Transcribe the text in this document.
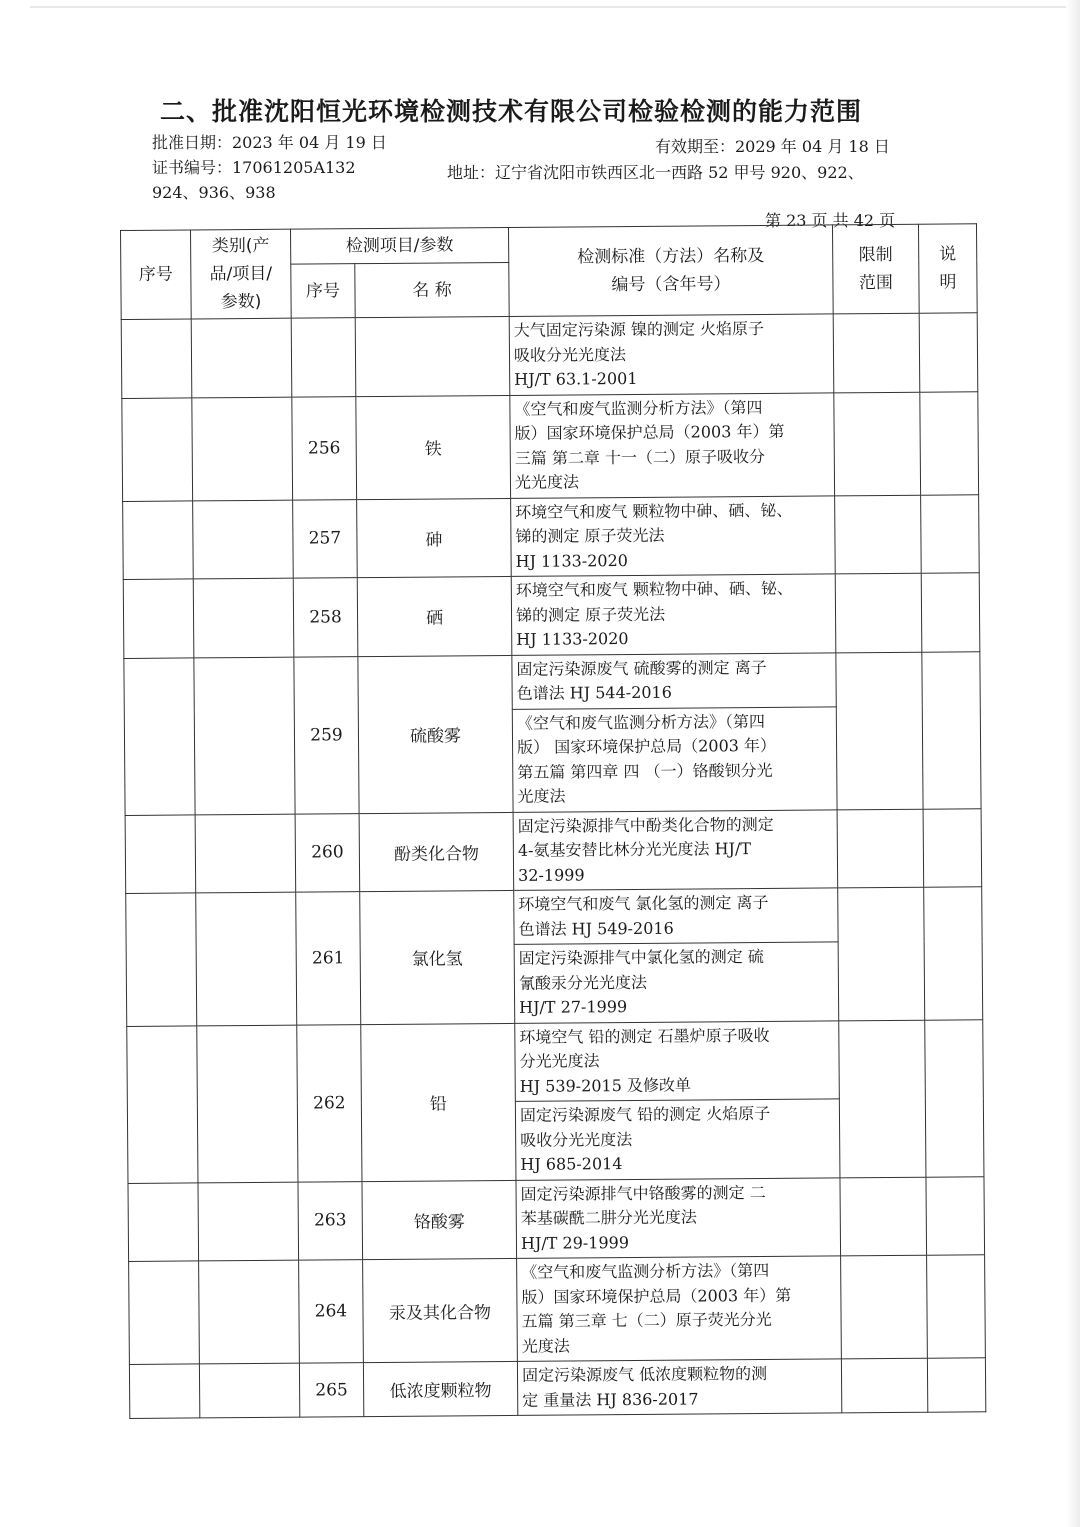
二、批准沈阳恒光环境检测技术有限公司检验检测的能力范围
批准日期：2023 年 04 月 19 日	有效期至：2029 年 04 月 18 日
证书编号：17061205A132	地址：辽宁省沈阳市铁西区北一西路 52 甲号 920、922、
924、936、938
第 23 页 共 42 页
序号	类别(产
品/项目/
参数)	检测项目/参数		检测标准（方法）名称及
编号（含年号）	限制
范围	说
明

		序号	名 称			

				大气固定污染源 镍的测定 火焰原子
吸收分光光度法
HJ/T 63.1-2001		

		256	铁	《空气和废气监测分析方法》（第四
版）国家环境保护总局（2003 年）第
三篇 第二章 十一（二）原子吸收分
光光度法		

		257	砷	环境空气和废气 颗粒物中砷、硒、铋、
锑的测定 原子荧光法
HJ 1133-2020		

		258	硒	环境空气和废气 颗粒物中砷、硒、铋、
锑的测定 原子荧光法
HJ 1133-2020		

		259	硫酸雾	固定污染源废气 硫酸雾的测定 离子
色谱法 HJ 544-2016		

				《空气和废气监测分析方法》（第四
版） 国家环境保护总局（2003 年）
第五篇 第四章 四 （一）铬酸钡分光
光度法		

		260	酚类化合物	固定污染源排气中酚类化合物的测定
4-氨基安替比林分光光度法 HJ/T
32-1999		

		261	氯化氢	环境空气和废气 氯化氢的测定 离子
色谱法 HJ 549-2016		

				固定污染源排气中氯化氢的测定 硫
氰酸汞分光光度法
HJ/T 27-1999		

		262	铅	环境空气 铅的测定 石墨炉原子吸收
分光光度法
HJ 539-2015 及修改单		

				固定污染源废气 铅的测定 火焰原子
吸收分光光度法
HJ 685-2014		

		263	铬酸雾	固定污染源排气中铬酸雾的测定 二
苯基碳酰二肼分光光度法
HJ/T 29-1999		

		264	汞及其化合物	《空气和废气监测分析方法》（第四
版）国家环境保护总局（2003 年）第
五篇 第三章 七（二）原子荧光分光
光度法		

		265	低浓度颗粒物	固定污染源废气 低浓度颗粒物的测
定 重量法 HJ 836-2017		
